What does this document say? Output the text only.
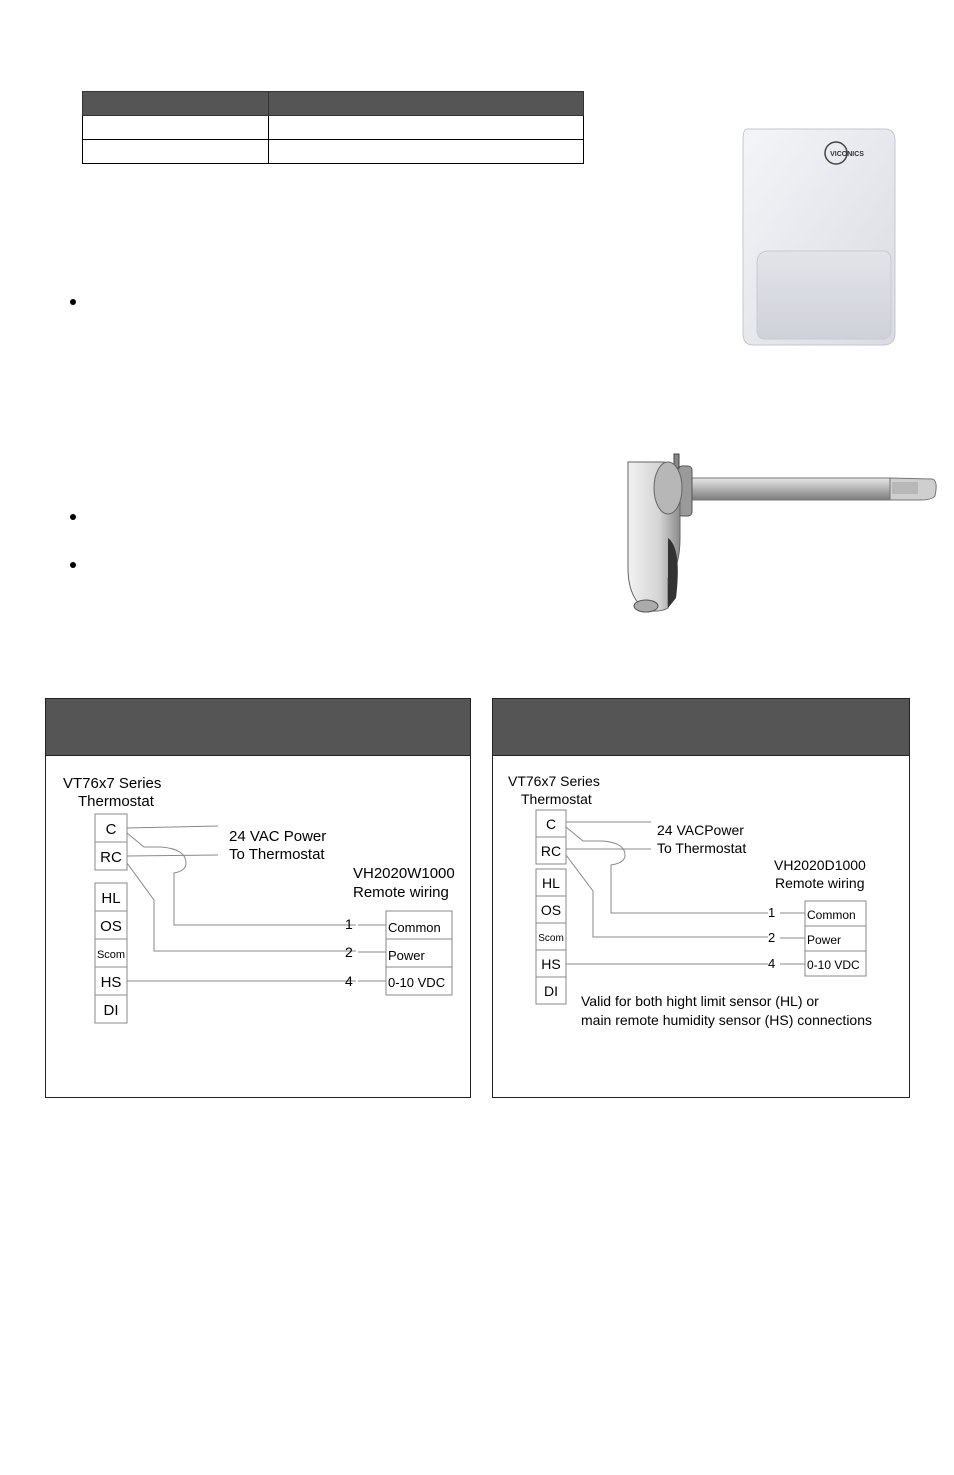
VICONICS
VT76x7 Series
Thermostat
C
RC
HL
OS
Scom
HS
DI
24 VAC Power
To Thermostat
VH2020W1000
Remote wiring
1
2
4
Common
Power
0-10 VDC
VT76x7 Series
Thermostat
C
RC
HL
OS
Scom
HS
DI
24 VACPower
To Thermostat
VH2020D1000
Remote wiring
1
2
4
Common
Power
0-10 VDC
Valid for both hight limit sensor (HL) or
main remote humidity sensor (HS) connections
